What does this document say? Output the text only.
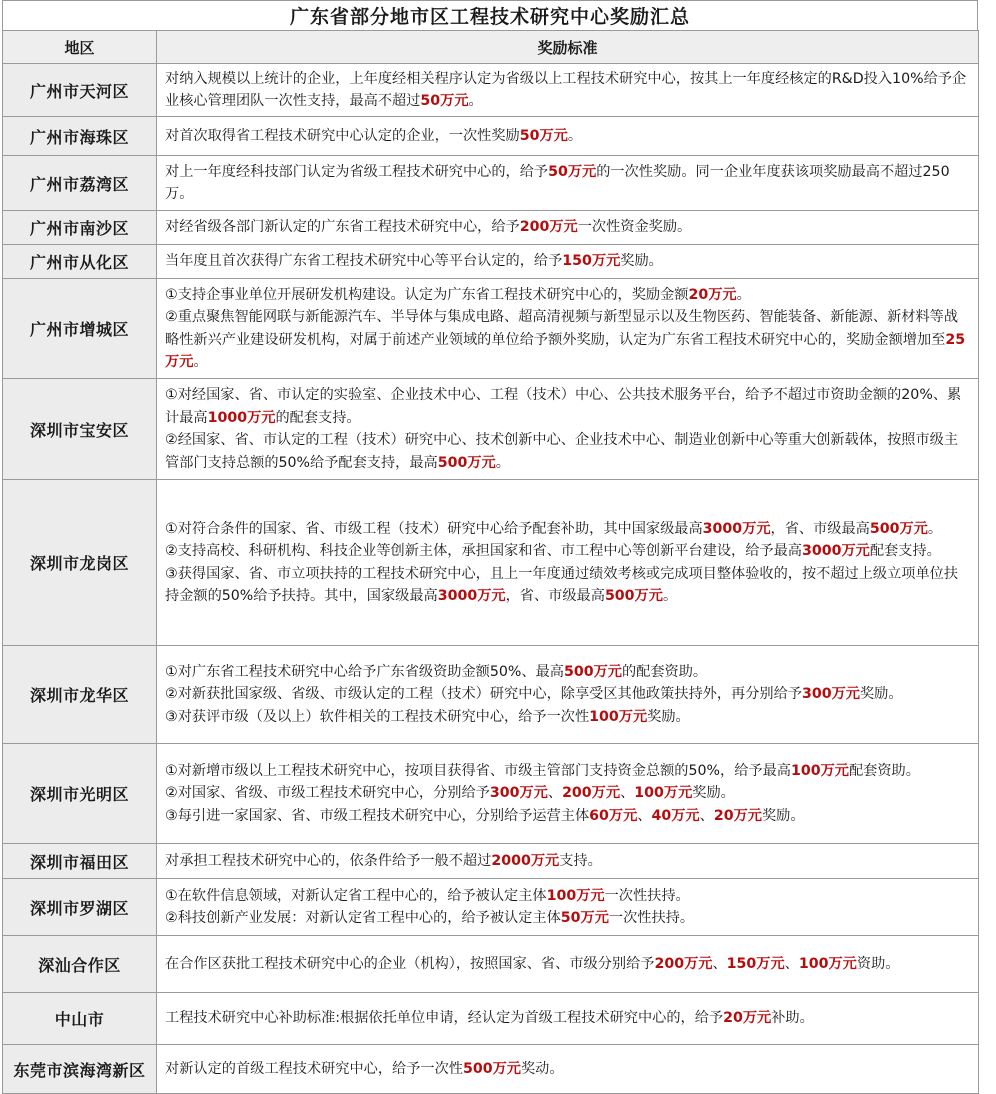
广东省部分地市区工程技术研究中心奖励汇总
地区	奖励标准
广州市天河区	对纳入规模以上统计的企业，上年度经相关程序认定为省级以上工程技术研究中心，按其上一年度经核定的R&D投入10%给予企业核心管理团队一次性支持，最高不超过50万元。

广州市海珠区	对首次取得省工程技术研究中心认定的企业，一次性奖励50万元。

广州市荔湾区	对上一年度经科技部门认定为省级工程技术研究中心的，给予50万元的一次性奖励。同一企业年度获该项奖励最高不超过250万。

广州市南沙区	对经省级各部门新认定的广东省工程技术研究中心，给予200万元一次性资金奖励。

广州市从化区	当年度且首次获得广东省工程技术研究中心等平台认定的，给予150万元奖励。

广州市增城区	①支持企事业单位开展研发机构建设。认定为广东省工程技术研究中心的，奖励金额20万元。
②重点聚焦智能网联与新能源汽车、半导体与集成电路、超高清视频与新型显示以及生物医药、智能装备、新能源、新材料等战略性新兴产业建设研发机构，对属于前述产业领域的单位给予额外奖励，认定为广东省工程技术研究中心的，奖励金额增加至25万元。

深圳市宝安区	①对经国家、省、市认定的实验室、企业技术中心、工程（技术）中心、公共技术服务平台，给予不超过市资助金额的20%、累计最高1000万元的配套支持。
②经国家、省、市认定的工程（技术）研究中心、技术创新中心、企业技术中心、制造业创新中心等重大创新载体，按照市级主管部门支持总额的50%给予配套支持，最高500万元。

深圳市龙岗区	①对符合条件的国家、省、市级工程（技术）研究中心给予配套补助，其中国家级最高3000万元，省、市级最高500万元。
②支持高校、科研机构、科技企业等创新主体，承担国家和省、市工程中心等创新平台建设，给予最高3000万元配套支持。
③获得国家、省、市立项扶持的工程技术研究中心，且上一年度通过绩效考核或完成项目整体验收的，按不超过上级立项单位扶持金额的50%给予扶持。其中，国家级最高3000万元，省、市级最高500万元。

深圳市龙华区	①对广东省工程技术研究中心给予广东省级资助金额50%、最高500万元的配套资助。
②对新获批国家级、省级、市级认定的工程（技术）研究中心，除享受区其他政策扶持外，再分别给予300万元奖励。
③对获评市级（及以上）软件相关的工程技术研究中心，给予一次性100万元奖励。

深圳市光明区	①对新增市级以上工程技术研究中心，按项目获得省、市级主管部门支持资金总额的50%，给予最高100万元配套资助。
②对国家、省级、市级工程技术研究中心，分别给予300万元、200万元、100万元奖励。
③每引进一家国家、省、市级工程技术研究中心，分别给予运营主体60万元、40万元、20万元奖励。

深圳市福田区	对承担工程技术研究中心的，依条件给予一般不超过2000万元支持。

深圳市罗湖区	①在软件信息领域，对新认定省工程中心的，给予被认定主体100万元一次性扶持。
②科技创新产业发展：对新认定省工程中心的，给予被认定主体50万元一次性扶持。

深汕合作区	在合作区获批工程技术研究中心的企业（机构），按照国家、省、市级分别给予200万元、150万元、100万元资助。

中山市	工程技术研究中心补助标准:根据依托单位申请，经认定为首级工程技术研究中心的，给予20万元补助。

东莞市滨海湾新区	对新认定的首级工程技术研究中心，给予一次性500万元奖动。
